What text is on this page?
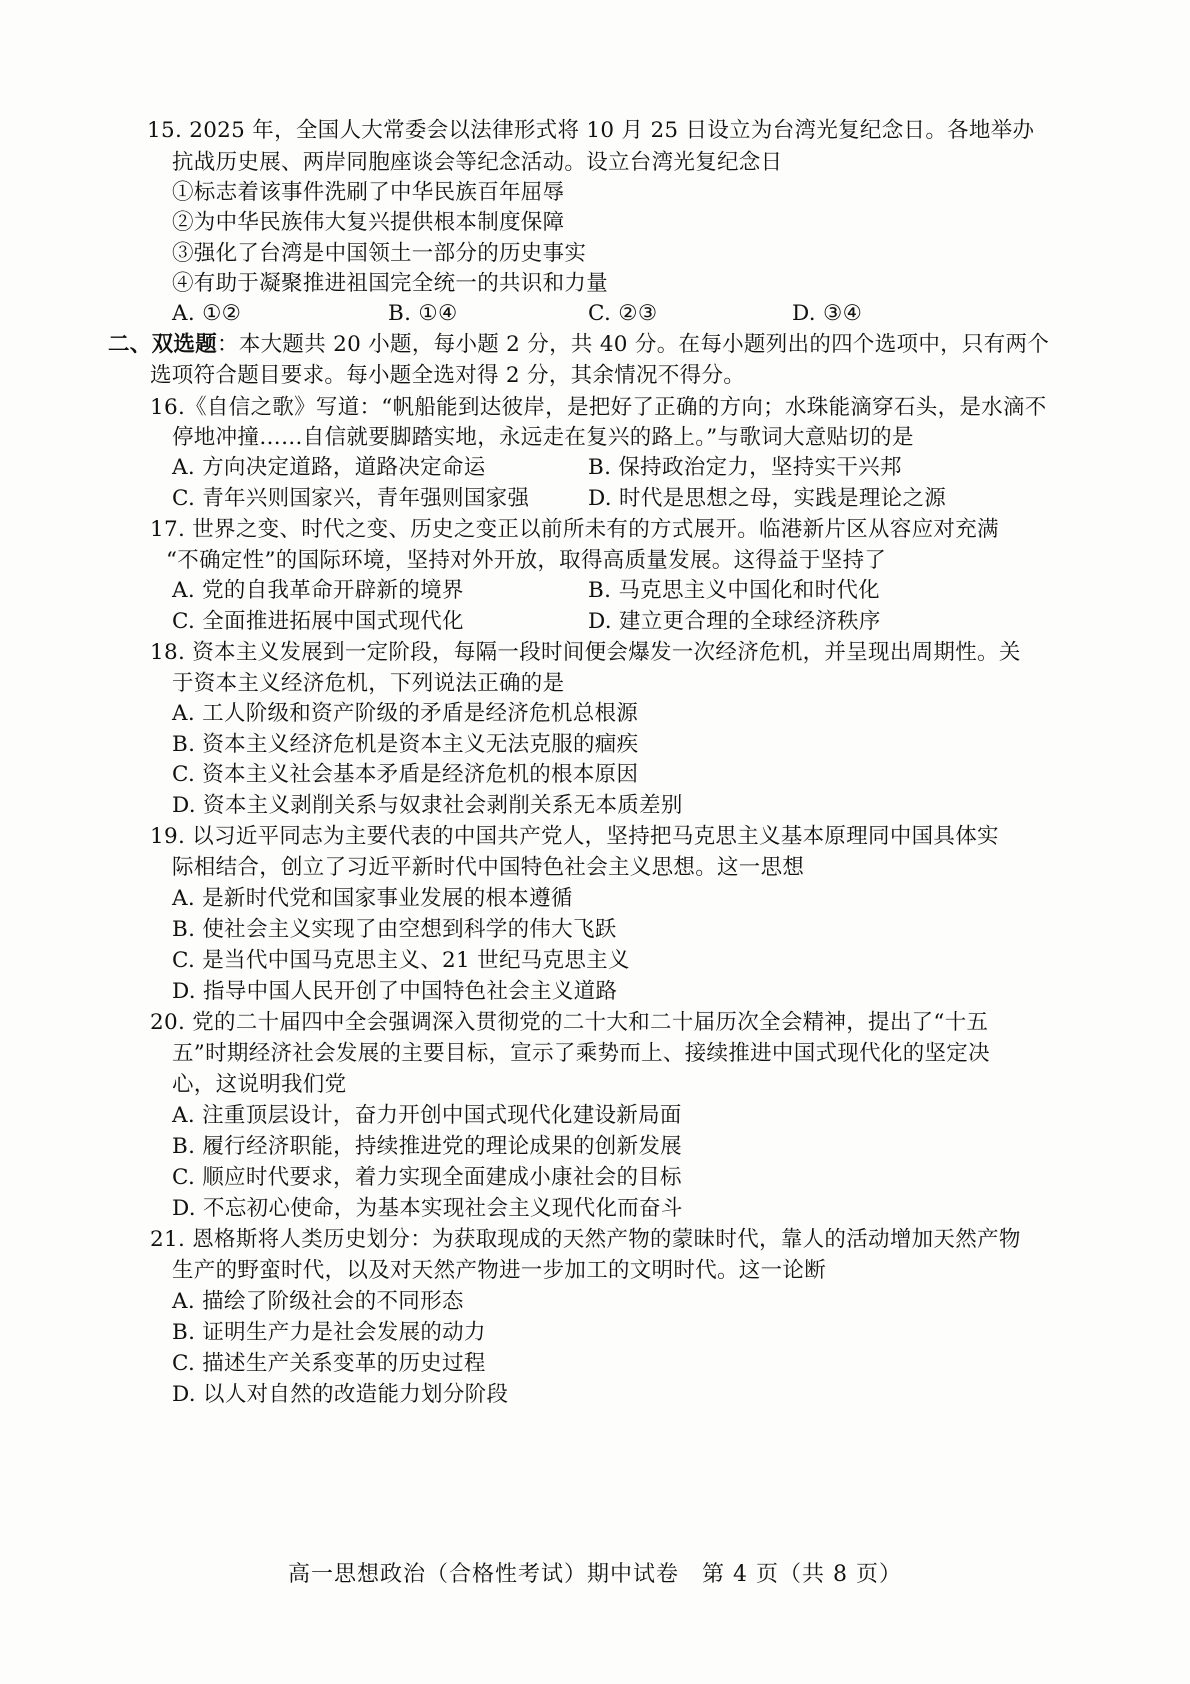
15. 2025 年，全国人大常委会以法律形式将 10 月 25 日设立为台湾光复纪念日。各地举办
抗战历史展、两岸同胞座谈会等纪念活动。设立台湾光复纪念日
①标志着该事件洗刷了中华民族百年屈辱
②为中华民族伟大复兴提供根本制度保障
③强化了台湾是中国领土一部分的历史事实
④有助于凝聚推进祖国完全统一的共识和力量
A. ①②	B. ①④	C. ②③	D. ③④
二、双选题：本大题共 20 小题，每小题 2 分，共 40 分。在每小题列出的四个选项中，只有两个
选项符合题目要求。每小题全选对得 2 分，其余情况不得分。
16.《自信之歌》写道：“帆船能到达彼岸，是把好了正确的方向；水珠能滴穿石头，是水滴不
停地冲撞……自信就要脚踏实地，永远走在复兴的路上。”与歌词大意贴切的是
A. 方向决定道路，道路决定命运	B. 保持政治定力，坚持实干兴邦
C. 青年兴则国家兴，青年强则国家强	D. 时代是思想之母，实践是理论之源
17. 世界之变、时代之变、历史之变正以前所未有的方式展开。临港新片区从容应对充满
“不确定性”的国际环境，坚持对外开放，取得高质量发展。这得益于坚持了
A. 党的自我革命开辟新的境界	B. 马克思主义中国化和时代化
C. 全面推进拓展中国式现代化	D. 建立更合理的全球经济秩序
18. 资本主义发展到一定阶段，每隔一段时间便会爆发一次经济危机，并呈现出周期性。关
于资本主义经济危机，下列说法正确的是
A. 工人阶级和资产阶级的矛盾是经济危机总根源
B. 资本主义经济危机是资本主义无法克服的痼疾
C. 资本主义社会基本矛盾是经济危机的根本原因
D. 资本主义剥削关系与奴隶社会剥削关系无本质差别
19. 以习近平同志为主要代表的中国共产党人，坚持把马克思主义基本原理同中国具体实
际相结合，创立了习近平新时代中国特色社会主义思想。这一思想
A. 是新时代党和国家事业发展的根本遵循
B. 使社会主义实现了由空想到科学的伟大飞跃
C. 是当代中国马克思主义、21 世纪马克思主义
D. 指导中国人民开创了中国特色社会主义道路
20. 党的二十届四中全会强调深入贯彻党的二十大和二十届历次全会精神，提出了“十五
五”时期经济社会发展的主要目标，宣示了乘势而上、接续推进中国式现代化的坚定决
心，这说明我们党
A. 注重顶层设计，奋力开创中国式现代化建设新局面
B. 履行经济职能，持续推进党的理论成果的创新发展
C. 顺应时代要求，着力实现全面建成小康社会的目标
D. 不忘初心使命，为基本实现社会主义现代化而奋斗
21. 恩格斯将人类历史划分：为获取现成的天然产物的蒙昧时代，靠人的活动增加天然产物
生产的野蛮时代，以及对天然产物进一步加工的文明时代。这一论断
A. 描绘了阶级社会的不同形态
B. 证明生产力是社会发展的动力
C. 描述生产关系变革的历史过程
D. 以人对自然的改造能力划分阶段
高一思想政治（合格性考试）期中试卷　第 4 页（共 8 页）
